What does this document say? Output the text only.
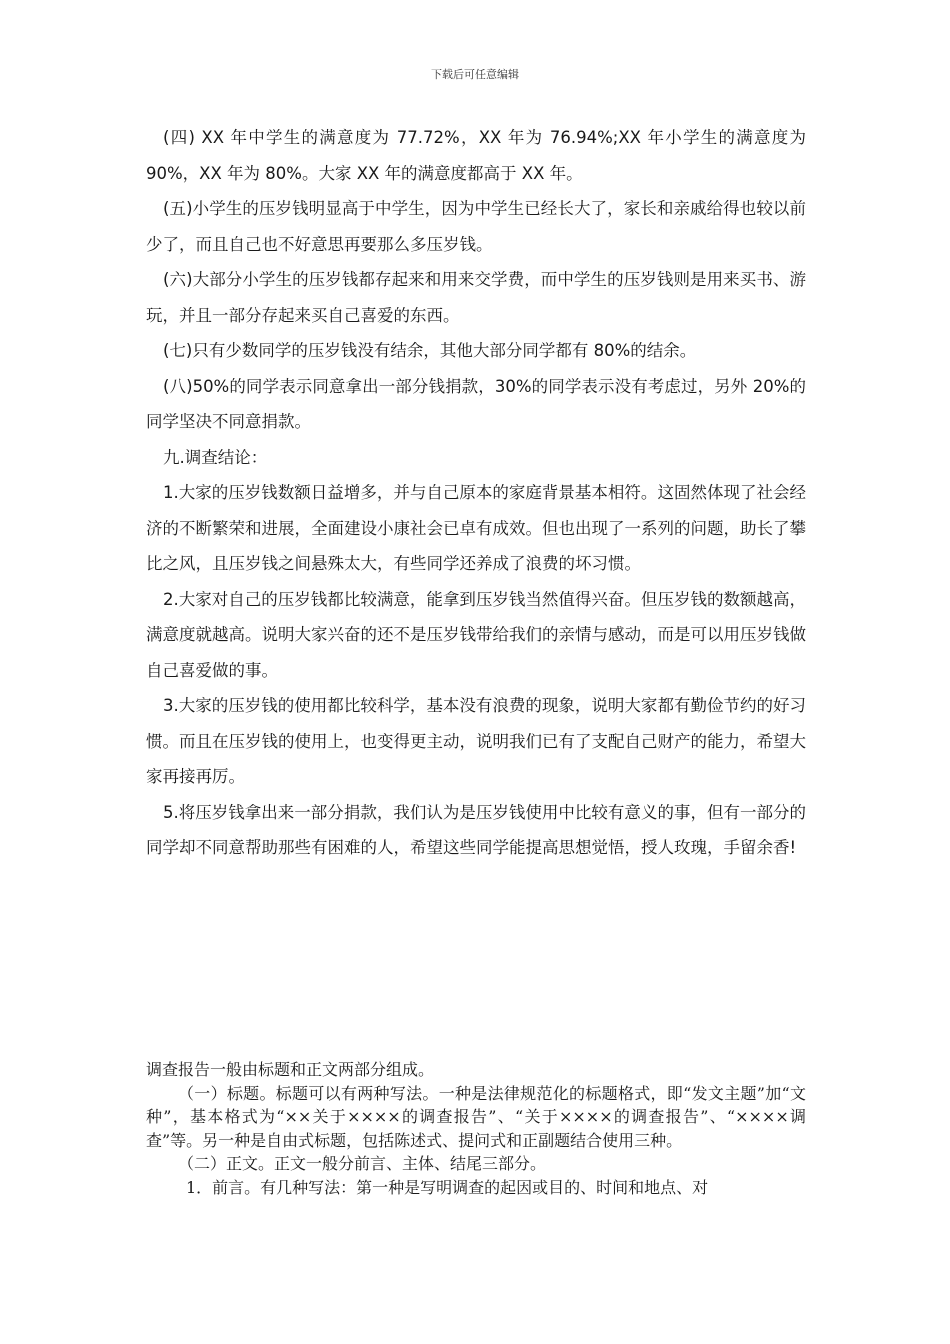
下载后可任意编辑

(四) XX 年中学生的满意度为 77.72%，XX 年为 76.94%;XX 年小学生的满意度为 90%，XX 年为 80%。大家 XX 年的满意度都高于 XX 年。

(五)小学生的压岁钱明显高于中学生，因为中学生已经长大了，家长和亲戚给得也较以前少了，而且自己也不好意思再要那么多压岁钱。

(六)大部分小学生的压岁钱都存起来和用来交学费，而中学生的压岁钱则是用来买书、游玩，并且一部分存起来买自己喜爱的东西。

(七)只有少数同学的压岁钱没有结余，其他大部分同学都有 80%的结余。

(八)50%的同学表示同意拿出一部分钱捐款，30%的同学表示没有考虑过，另外 20%的同学坚决不同意捐款。

九.调查结论：

1.大家的压岁钱数额日益增多，并与自己原本的家庭背景基本相符。这固然体现了社会经济的不断繁荣和进展，全面建设小康社会已卓有成效。但也出现了一系列的问题，助长了攀比之风，且压岁钱之间悬殊太大，有些同学还养成了浪费的坏习惯。

2.大家对自己的压岁钱都比较满意，能拿到压岁钱当然值得兴奋。但压岁钱的数额越高，满意度就越高。说明大家兴奋的还不是压岁钱带给我们的亲情与感动，而是可以用压岁钱做自己喜爱做的事。

3.大家的压岁钱的使用都比较科学，基本没有浪费的现象，说明大家都有勤俭节约的好习惯。而且在压岁钱的使用上，也变得更主动，说明我们已有了支配自己财产的能力，希望大家再接再厉。

5.将压岁钱拿出来一部分捐款，我们认为是压岁钱使用中比较有意义的事，但有一部分的同学却不同意帮助那些有困难的人，希望这些同学能提高思想觉悟，授人玫瑰，手留余香!

调查报告一般由标题和正文两部分组成。

（一）标题。标题可以有两种写法。一种是法律规范化的标题格式，即“发文主题”加“文种”，基本格式为“××关于××××的调查报告”、“关于××××的调查报告”、“××××调查”等。另一种是自由式标题，包括陈述式、提问式和正副题结合使用三种。

（二）正文。正文一般分前言、主体、结尾三部分。

1．前言。有几种写法：第一种是写明调查的起因或目的、时间和地点、对
